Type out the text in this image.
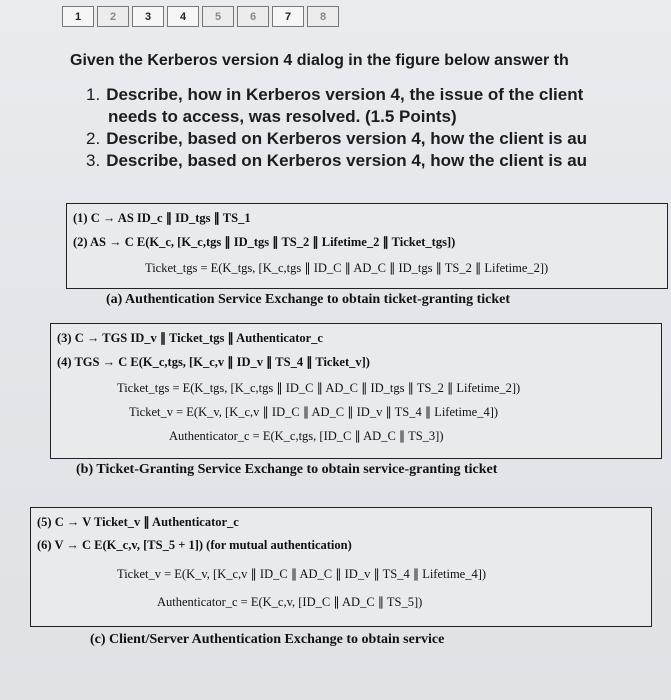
1	2	3	4	5	6	7	8
Given the Kerberos version 4 dialog in the figure below answer th
1. Describe, how in Kerberos version 4, the issue of the client
needs to access, was resolved. (1.5 Points)
2. Describe, based on Kerberos version 4, how the client is au
3. Describe, based on Kerberos version 4, how the client is au
(1) C → AS ID_c ∥ ID_tgs ∥ TS_1
(2) AS → C E(K_c, [K_c,tgs ∥ ID_tgs ∥ TS_2 ∥ Lifetime_2 ∥ Ticket_tgs])
Ticket_tgs = E(K_tgs, [K_c,tgs ∥ ID_C ∥ AD_C ∥ ID_tgs ∥ TS_2 ∥ Lifetime_2])
(a) Authentication Service Exchange to obtain ticket-granting ticket
(3) C → TGS ID_v ∥ Ticket_tgs ∥ Authenticator_c
(4) TGS → C E(K_c,tgs, [K_c,v ∥ ID_v ∥ TS_4 ∥ Ticket_v])
Ticket_tgs = E(K_tgs, [K_c,tgs ∥ ID_C ∥ AD_C ∥ ID_tgs ∥ TS_2 ∥ Lifetime_2])
Ticket_v = E(K_v, [K_c,v ∥ ID_C ∥ AD_C ∥ ID_v ∥ TS_4 ∥ Lifetime_4])
Authenticator_c = E(K_c,tgs, [ID_C ∥ AD_C ∥ TS_3])
(b) Ticket-Granting Service Exchange to obtain service-granting ticket
(5) C → V Ticket_v ∥ Authenticator_c
(6) V → C E(K_c,v, [TS_5 + 1]) (for mutual authentication)
Ticket_v = E(K_v, [K_c,v ∥ ID_C ∥ AD_C ∥ ID_v ∥ TS_4 ∥ Lifetime_4])
Authenticator_c = E(K_c,v, [ID_C ∥ AD_C ∥ TS_5])
(c) Client/Server Authentication Exchange to obtain service
